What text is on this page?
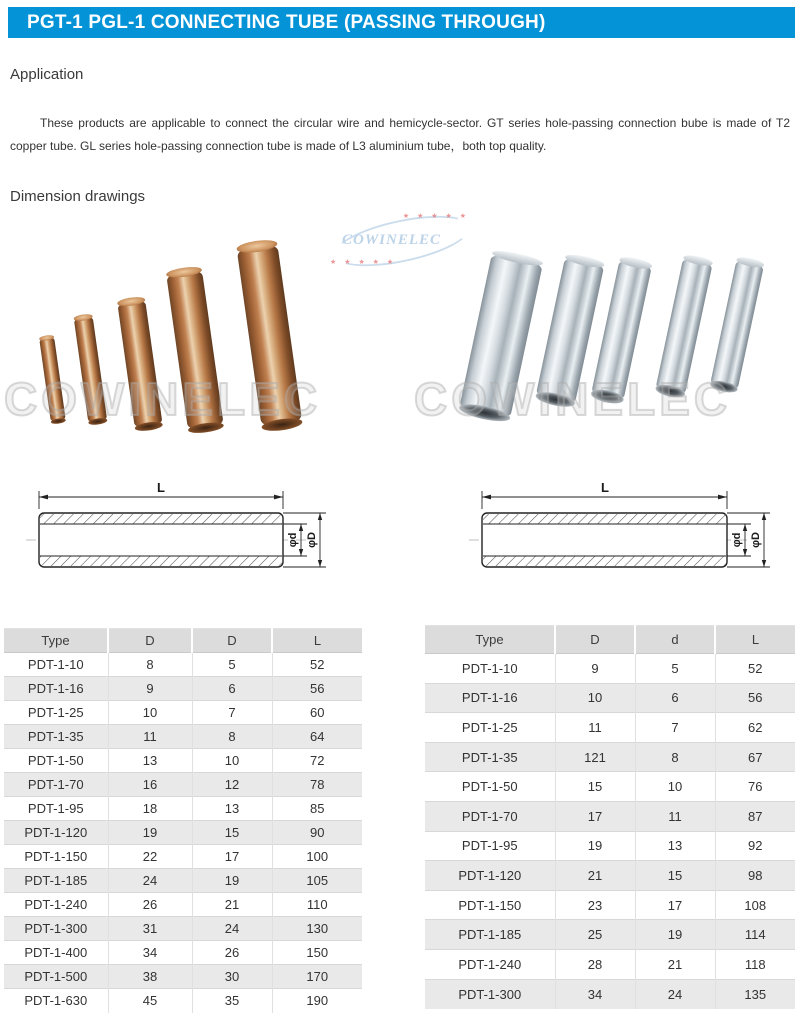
PGT-1 PGL-1 CONNECTING TUBE (PASSING THROUGH)
Application

These products are applicable to connect the circular wire and hemicycle-sector. GT series hole-passing connection bube is made of T2 copper tube. GL series hole-passing connection tube is made of L3 aluminium tube，both top quality.

Dimension drawings
★ ★ ★ ★ ★
COWINELEC
★ ★ ★ ★ ★
COWINELEC	COWINELEC
L
φd φD
L
φd φD
Type	D	D	L
PDT-1-10	8	5	52
PDT-1-16	9	6	56
PDT-1-25	10	7	60
PDT-1-35	11	8	64
PDT-1-50	13	10	72
PDT-1-70	16	12	78
PDT-1-95	18	13	85
PDT-1-120	19	15	90
PDT-1-150	22	17	100
PDT-1-185	24	19	105
PDT-1-240	26	21	110
PDT-1-300	31	24	130
PDT-1-400	34	26	150
PDT-1-500	38	30	170
PDT-1-630	45	35	190
Type	D	d	L
PDT-1-10	9	5	52
PDT-1-16	10	6	56
PDT-1-25	11	7	62
PDT-1-35	121	8	67
PDT-1-50	15	10	76
PDT-1-70	17	11	87
PDT-1-95	19	13	92
PDT-1-120	21	15	98
PDT-1-150	23	17	108
PDT-1-185	25	19	114
PDT-1-240	28	21	118
PDT-1-300	34	24	135
